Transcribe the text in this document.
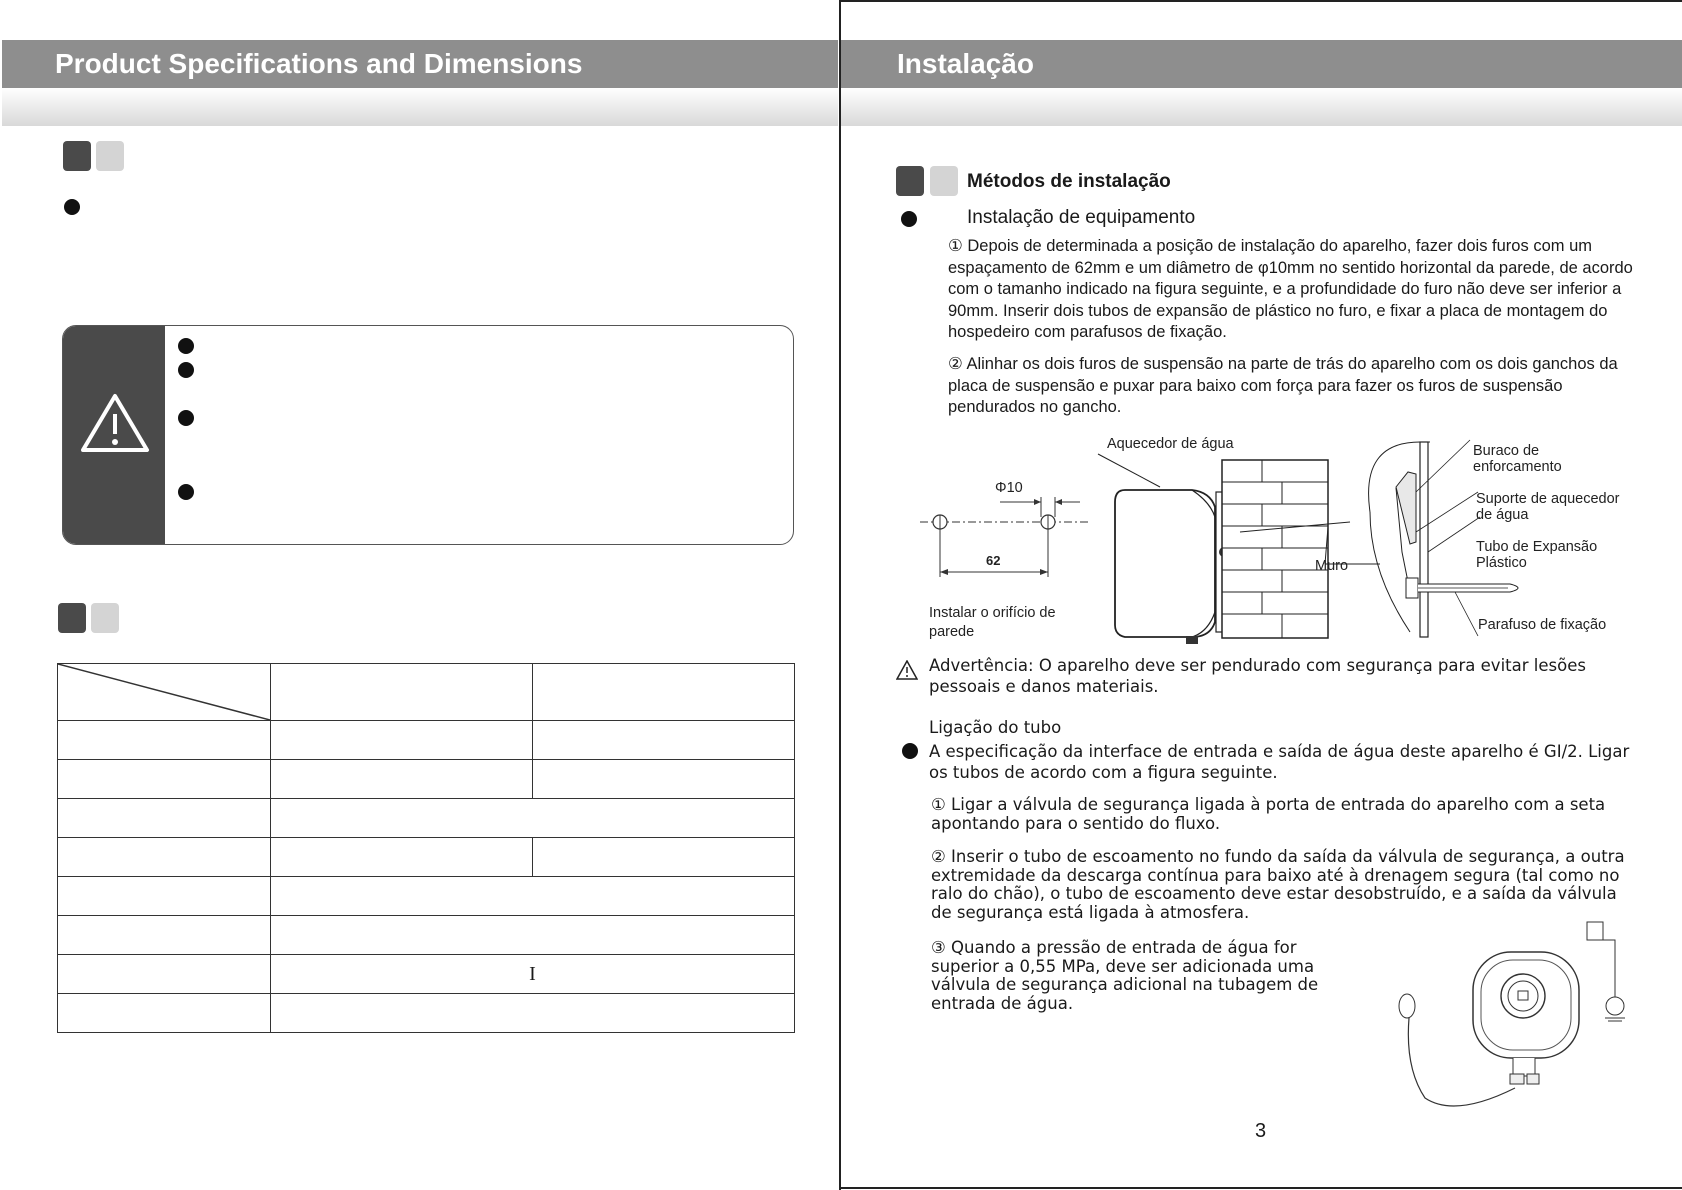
Product Specifications and Dimensions

	I	

Instalação
Métodos de instalação
Instalação de equipamento
① Depois de determinada a posição de instalação do aparelho, fazer dois furos com um espaçamento de 62mm e um diâmetro de φ10mm no sentido horizontal da parede, de acordo com o tamanho indicado na figura seguinte, e a profundidade do furo não deve ser inferior a 90mm. Inserir dois tubos de expansão de plástico no furo, e fixar a placa de montagem do hospedeiro com parafusos de fixação.
② Alinhar os dois furos de suspensão na parte de trás do aparelho com os dois ganchos da placa de suspensão e puxar para baixo com força para fazer os furos de suspensão pendurados no gancho.
Φ10
62
Instalar o orifício de parede
Aquecedor de água
Muro
Buraco de enforcamento
Suporte de aquecedor de água
Tubo de Expansão Plástico
Parafuso de fixação
Advertência: O aparelho deve ser pendurado com segurança para evitar lesões pessoais e danos materiais.
Ligação do tubo
A especificação da interface de entrada e saída de água deste aparelho é GI/2. Ligar os tubos de acordo com a figura seguinte.
① Ligar a válvula de segurança ligada à porta de entrada do aparelho com a seta apontando para o sentido do fluxo.
② Inserir o tubo de escoamento no fundo da saída da válvula de segurança, a outra extremidade da descarga contínua para baixo até à drenagem segura (tal como no ralo do chão), o tubo de escoamento deve estar desobstruído, e a saída da válvula de segurança está ligada à atmosfera.
③ Quando a pressão de entrada de água for superior a 0,55 MPa, deve ser adicionada uma válvula de segurança adicional na tubagem de entrada de água.
3
